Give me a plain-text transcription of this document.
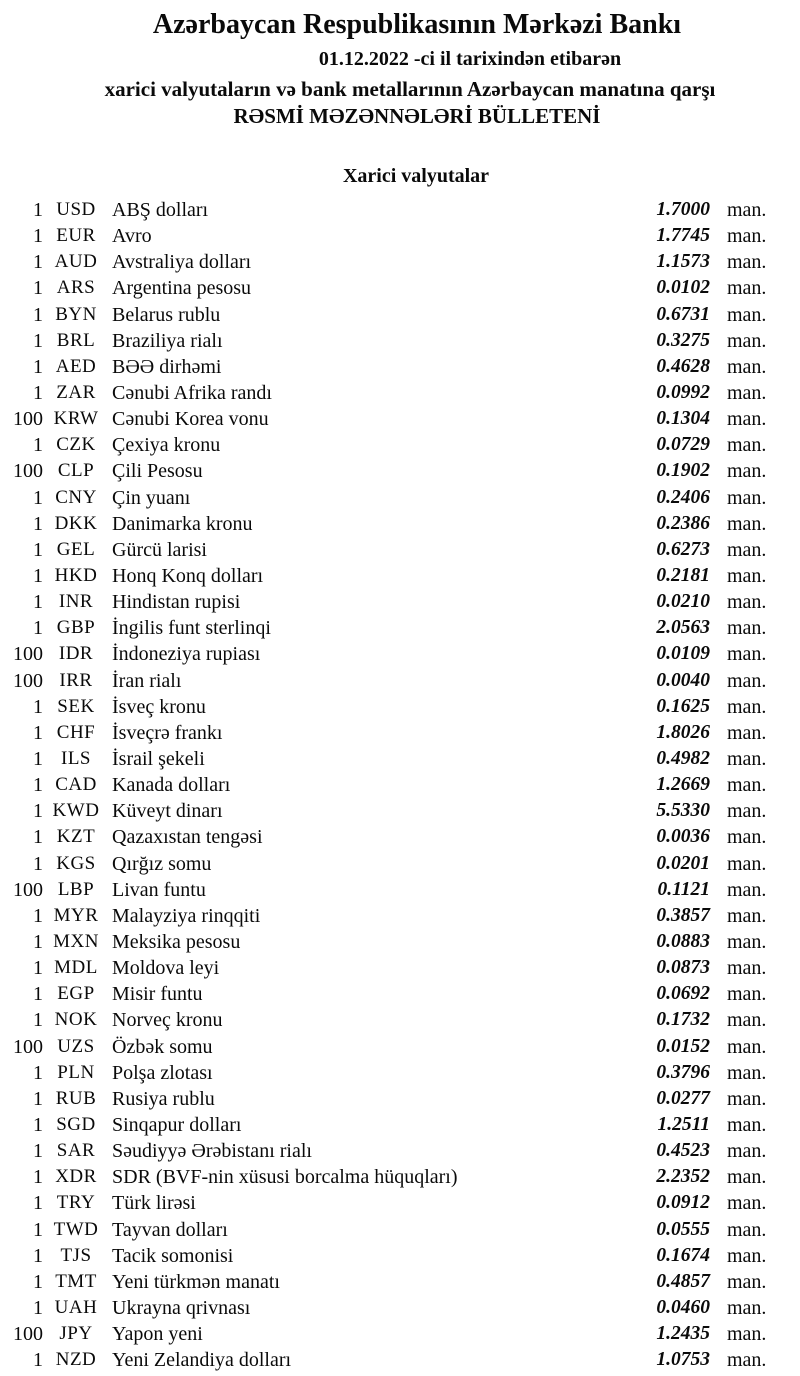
Azərbaycan Respublikasının Mərkəzi Bankı
01.12.2022 -ci il tarixindən etibarən
xarici valyutaların və bank metallarının Azərbaycan manatına qarşı
RƏSMİ MƏZƏNNƏLƏRİ BÜLLETENİ
Xarici valyutalar
1 USD ABŞ dolları	1.7000 man.
1 EUR Avro	1.7745 man.
1 AUD Avstraliya dolları	1.1573 man.
1 ARS Argentina pesosu	0.0102 man.
1 BYN Belarus rublu	0.6731 man.
1 BRL Braziliya rialı	0.3275 man.
1 AED BƏƏ dirhəmi	0.4628 man.
1 ZAR Cənubi Afrika randı	0.0992 man.
100 KRW Cənubi Korea vonu	0.1304 man.
1 CZK Çexiya kronu	0.0729 man.
100 CLP Çili Pesosu	0.1902 man.
1 CNY Çin yuanı	0.2406 man.
1 DKK Danimarka kronu	0.2386 man.
1 GEL Gürcü larisi	0.6273 man.
1 HKD Honq Konq dolları	0.2181 man.
1 INR Hindistan rupisi	0.0210 man.
1 GBP İngilis funt sterlinqi	2.0563 man.
100 IDR İndoneziya rupiası	0.0109 man.
100 IRR İran rialı	0.0040 man.
1 SEK İsveç kronu	0.1625 man.
1 CHF İsveçrə frankı	1.8026 man.
1 ILS	İsrail şekeli	0.4982 man.
1 CAD Kanada dolları	1.2669 man.
1 KWD Küveyt dinarı	5.5330 man.
1 KZT Qazaxıstan tengəsi	0.0036 man.
1 KGS Qırğız somu	0.0201 man.
100 LBP Livan funtu	0.1121 man.
1 MYR Malayziya rinqqiti	0.3857 man.
1 MXN Meksika pesosu	0.0883 man.
1 MDL Moldova leyi	0.0873 man.
1 EGP Misir funtu	0.0692 man.
1 NOK Norveç kronu	0.1732 man.
100 UZS Özbək somu	0.0152 man.
1 PLN Polşa zlotası	0.3796 man.
1 RUB Rusiya rublu	0.0277 man.
1 SGD Sinqapur dolları	1.2511 man.
1 SAR Səudiyyə Ərəbistanı rialı	0.4523 man.
1 XDR SDR (BVF-nin xüsusi borcalma hüquqları)	2.2352 man.
1 TRY Türk lirəsi	0.0912 man.
1 TWD Tayvan dolları	0.0555 man.
1 TJS	Tacik somonisi	0.1674 man.
1 TMT Yeni türkmən manatı	0.4857 man.
1 UAH Ukrayna qrivnası	0.0460 man.
100 JPY Yapon yeni	1.2435 man.
1 NZD Yeni Zelandiya dolları	1.0753 man.
